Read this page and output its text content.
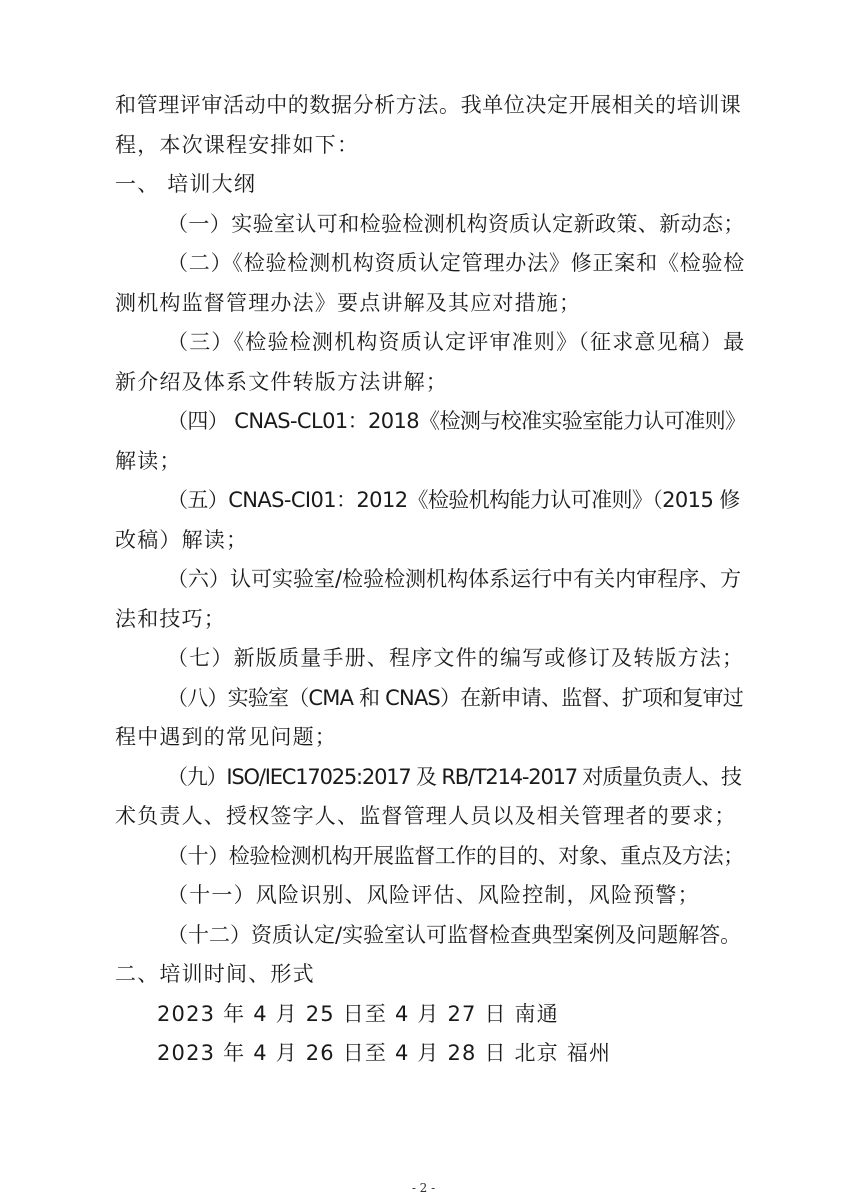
和管理评审活动中的数据分析方法。我单位决定开展相关的培训课
程，本次课程安排如下：
一、 培训大纲
（一）实验室认可和检验检测机构资质认定新政策、新动态；
（二）《检验检测机构资质认定管理办法》修正案和《检验检
测机构监督管理办法》要点讲解及其应对措施；
（三）《检验检测机构资质认定评审准则》（征求意见稿）最
新介绍及体系文件转版方法讲解；
（四） CNAS-CL01：2018《检测与校准实验室能力认可准则》
解读；
（五）CNAS-CI01：2012《检验机构能力认可准则》（2015 修
改稿）解读；
（六）认可实验室/检验检测机构体系运行中有关内审程序、方
法和技巧；
（七）新版质量手册、程序文件的编写或修订及转版方法；
（八）实验室（CMA 和 CNAS）在新申请、监督、扩项和复审过
程中遇到的常见问题；
（九）ISO/IEC17025:2017 及 RB/T214-2017 对质量负责人、技
术负责人、授权签字人、监督管理人员以及相关管理者的要求；
（十）检验检测机构开展监督工作的目的、对象、重点及方法；
（十一）风险识别、风险评估、风险控制，风险预警；
（十二）资质认定/实验室认可监督检查典型案例及问题解答。
二、培训时间、形式
2023 年 4 月 25 日至 4 月 27 日 南通
2023 年 4 月 26 日至 4 月 28 日 北京 福州
- 2 -
